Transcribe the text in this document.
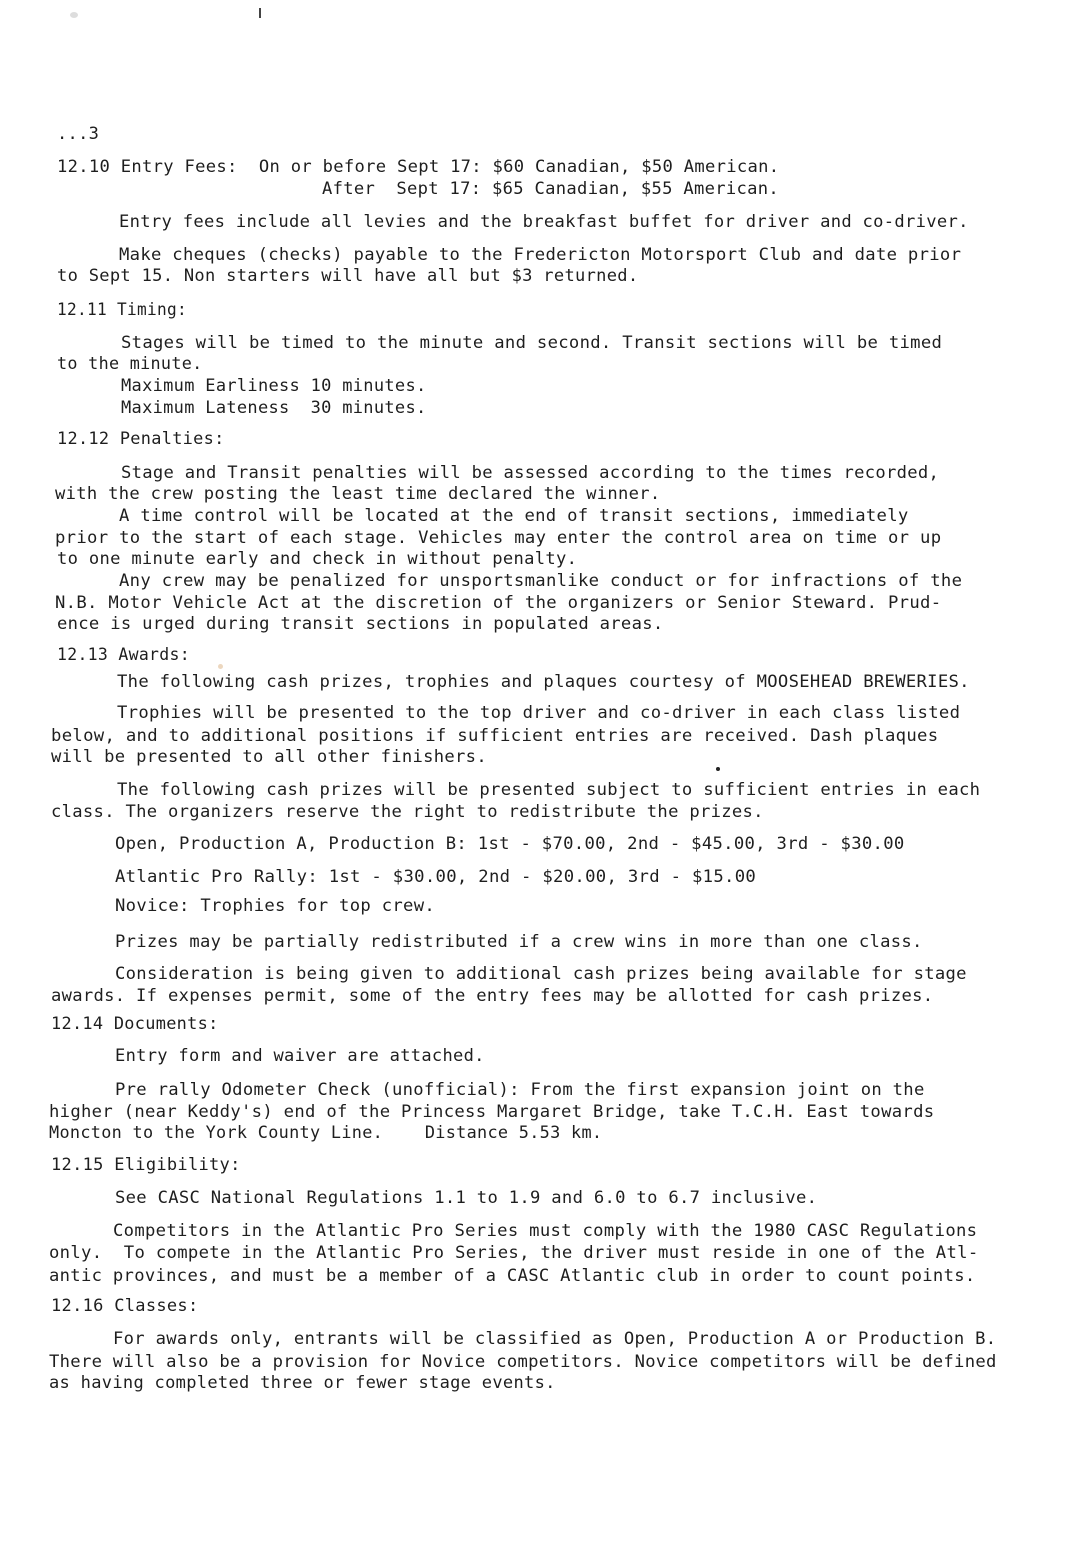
...3
12.10 Entry Fees:  On or before Sept 17: $60 Canadian, $50 American.
After  Sept 17: $65 Canadian, $55 American.
Entry fees include all levies and the breakfast buffet for driver and co-driver.
Make cheques (checks) payable to the Fredericton Motorsport Club and date prior
to Sept 15. Non starters will have all but $3 returned.
12.11 Timing:
Stages will be timed to the minute and second. Transit sections will be timed
to the minute.
Maximum Earliness 10 minutes.
Maximum Lateness  30 minutes.
12.12 Penalties:
Stage and Transit penalties will be assessed according to the times recorded,
with the crew posting the least time declared the winner.
A time control will be located at the end of transit sections, immediately
prior to the start of each stage. Vehicles may enter the control area on time or up
to one minute early and check in without penalty.
Any crew may be penalized for unsportsmanlike conduct or for infractions of the
N.B. Motor Vehicle Act at the discretion of the organizers or Senior Steward. Prud-
ence is urged during transit sections in populated areas.
12.13 Awards:
The following cash prizes, trophies and plaques courtesy of MOOSEHEAD BREWERIES.
Trophies will be presented to the top driver and co-driver in each class listed
below, and to additional positions if sufficient entries are received. Dash plaques
will be presented to all other finishers.
The following cash prizes will be presented subject to sufficient entries in each
class. The organizers reserve the right to redistribute the prizes.
Open, Production A, Production B: 1st - $70.00, 2nd - $45.00, 3rd - $30.00
Atlantic Pro Rally: 1st - $30.00, 2nd - $20.00, 3rd - $15.00
Novice: Trophies for top crew.
Prizes may be partially redistributed if a crew wins in more than one class.
Consideration is being given to additional cash prizes being available for stage
awards. If expenses permit, some of the entry fees may be allotted for cash prizes.
12.14 Documents:
Entry form and waiver are attached.
Pre rally Odometer Check (unofficial): From the first expansion joint on the
higher (near Keddy's) end of the Princess Margaret Bridge, take T.C.H. East towards
Moncton to the York County Line.    Distance 5.53 km.
12.15 Eligibility:
See CASC National Regulations 1.1 to 1.9 and 6.0 to 6.7 inclusive.
Competitors in the Atlantic Pro Series must comply with the 1980 CASC Regulations
only.  To compete in the Atlantic Pro Series, the driver must reside in one of the Atl-
antic provinces, and must be a member of a CASC Atlantic club in order to count points.
12.16 Classes:
For awards only, entrants will be classified as Open, Production A or Production B.
There will also be a provision for Novice competitors. Novice competitors will be defined
as having completed three or fewer stage events.
